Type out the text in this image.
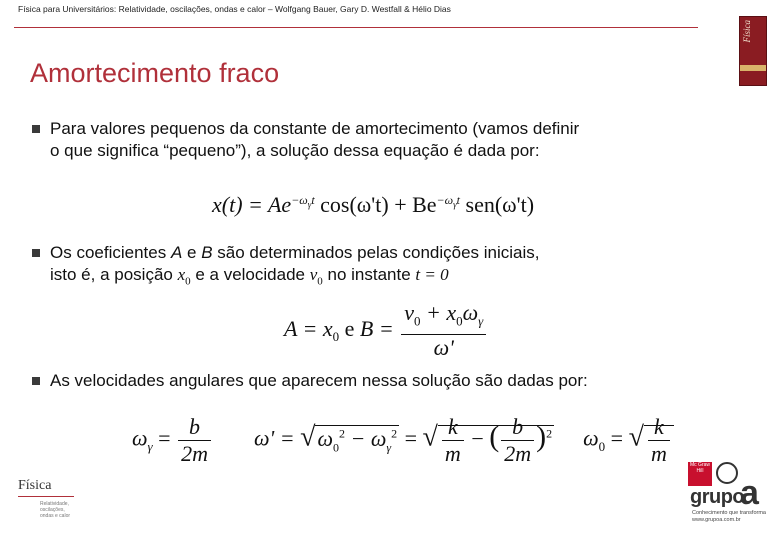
Física para Universitários: Relatividade, oscilações, ondas e calor – Wolfgang Bauer, Gary D. Westfall & Hélio Dias
Física
Amortecimento fraco
Para valores pequenos da constante de amortecimento (vamos definir
o que significa “pequeno”), a solução dessa equação é dada por:
$x(t) = Ae^{-\omega_\gamma t}$ $\cos(\omega't) + Be^{-\omega_\gamma t}$ sen(ω't)
Os coeficientes A e B são determinados pelas condições iniciais,
isto é, a posição $x_0$ e a velocidade $v_0$ no instante t = 0
$A = x_0$ e $B = \frac{v_0 + x_0\omega_\gamma}{\omega'}$
As velocidades angulares que aparecem nessa solução são dadas por:
$\omega_\gamma = \frac{b}{2m} \omega' = √\omega_0^2 - \omega_\gamma^2$ = √ $\frac{k}{m}$ − ( $\frac{b}{2m} )^2$ $\omega_0$ = √ $\frac{k}{m}$
Física
Relatividade, oscilações, ondas e calor
Mc Graw Hill
grupo
a
Conhecimento que transforma
www.grupoa.com.br
